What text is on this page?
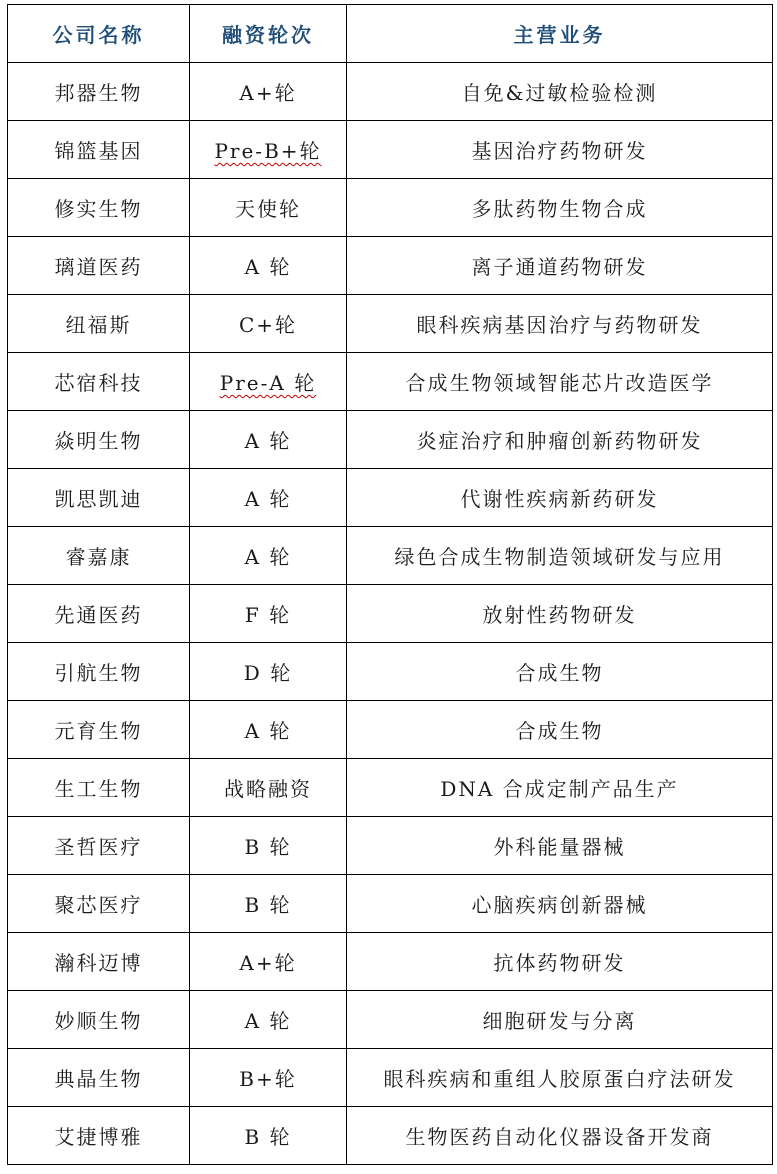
公司名称	融资轮次	主营业务
邦器生物	A+轮	自免&过敏检验检测
锦篮基因	Pre-B+轮	基因治疗药物研发
修实生物	天使轮	多肽药物生物合成
璃道医药	A 轮	离子通道药物研发
纽福斯	C+轮	眼科疾病基因治疗与药物研发
芯宿科技	Pre-A 轮	合成生物领域智能芯片改造医学
焱明生物	A 轮	炎症治疗和肿瘤创新药物研发
凯思凯迪	A 轮	代谢性疾病新药研发
睿嘉康	A 轮	绿色合成生物制造领域研发与应用
先通医药	F 轮	放射性药物研发
引航生物	D 轮	合成生物
元育生物	A 轮	合成生物
生工生物	战略融资	DNA 合成定制产品生产
圣哲医疗	B 轮	外科能量器械
聚芯医疗	B 轮	心脑疾病创新器械
瀚科迈博	A+轮	抗体药物研发
妙顺生物	A 轮	细胞研发与分离
典晶生物	B+轮	眼科疾病和重组人胶原蛋白疗法研发
艾捷博雅	B 轮	生物医药自动化仪器设备开发商
